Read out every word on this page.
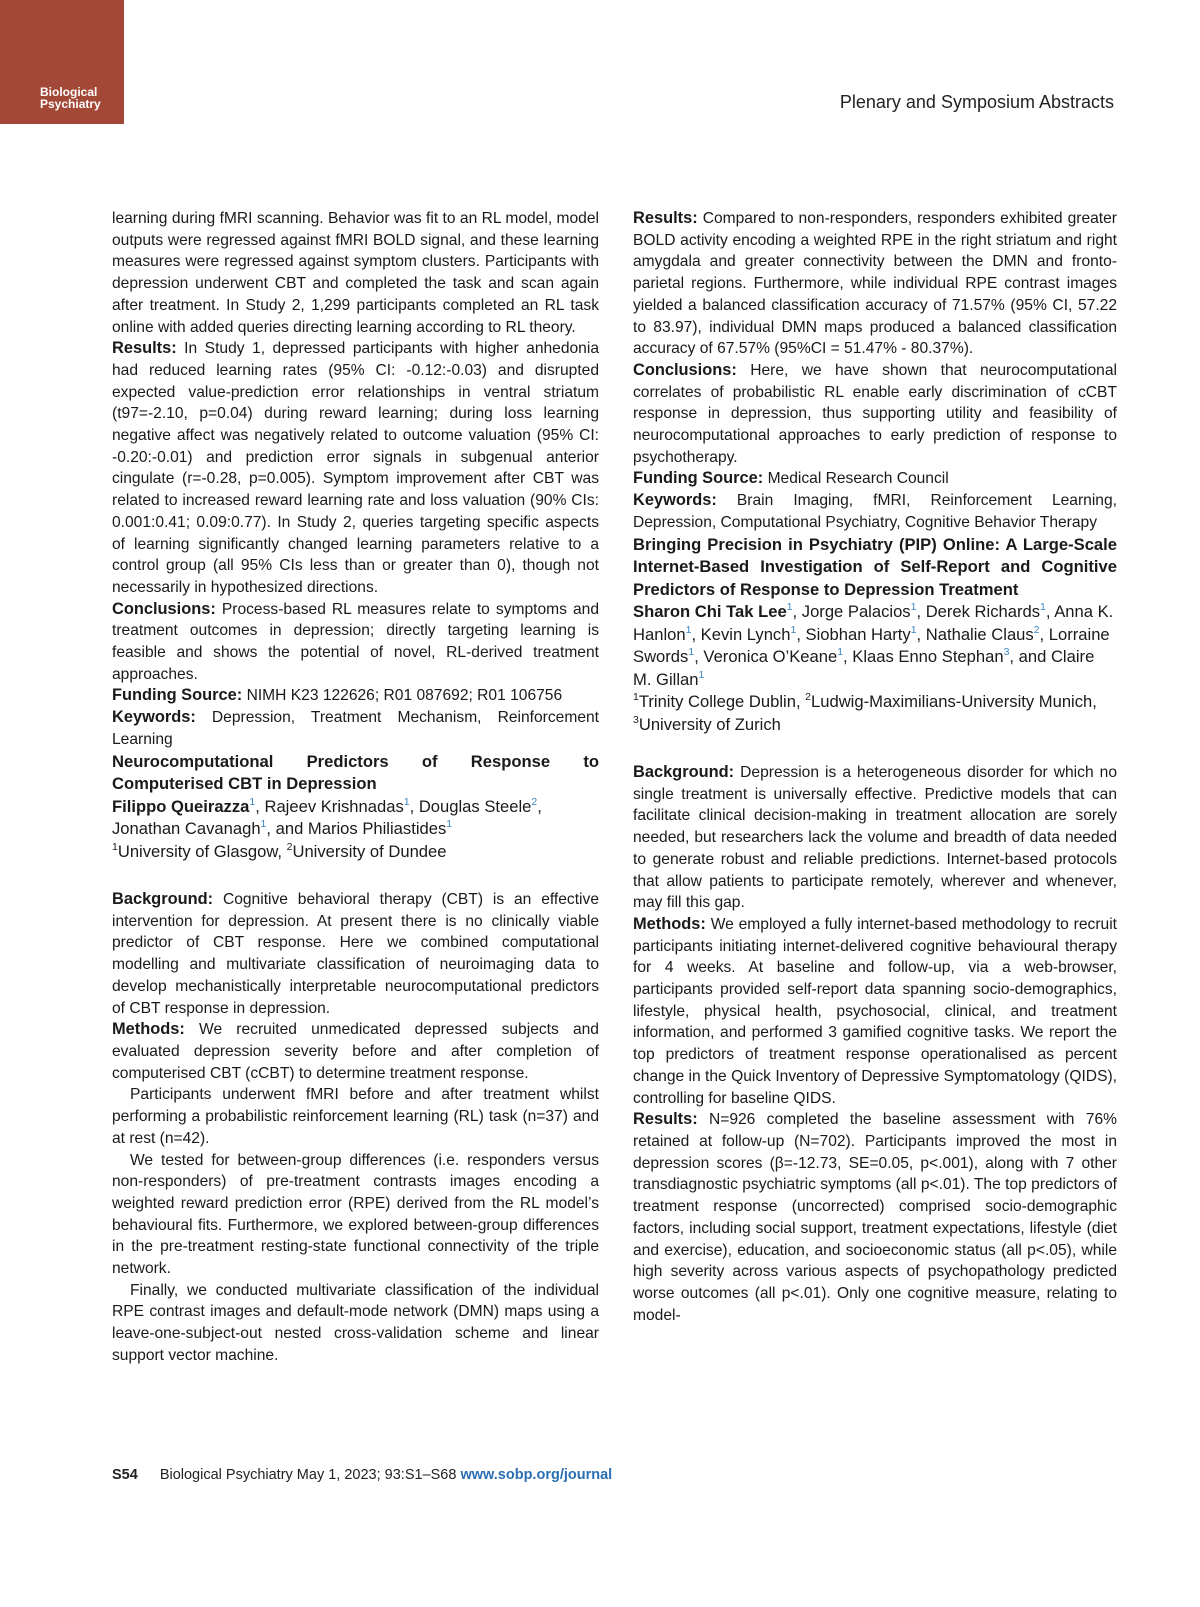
Biological Psychiatry	Plenary and Symposium Abstracts

learning during fMRI scanning. Behavior was fit to an RL model, model outputs were regressed against fMRI BOLD signal, and these learning measures were regressed against symptom clusters. Participants with depression underwent CBT and completed the task and scan again after treatment. In Study 2, 1,299 participants completed an RL task online with added queries directing learning according to RL theory.

Results: In Study 1, depressed participants with higher anhedonia had reduced learning rates (95% CI: -0.12:-0.03) and disrupted expected value-prediction error relationships in ventral striatum (t97=-2.10, p=0.04) during reward learning; during loss learning negative affect was negatively related to outcome valuation (95% CI: -0.20:-0.01) and prediction error signals in subgenual anterior cingulate (r=-0.28, p=0.005). Symptom improvement after CBT was related to increased reward learning rate and loss valuation (90% CIs: 0.001:0.41; 0.09:0.77). In Study 2, queries targeting specific aspects of learning significantly changed learning parameters relative to a control group (all 95% CIs less than or greater than 0), though not necessarily in hypothesized directions.

Conclusions: Process-based RL measures relate to symptoms and treatment outcomes in depression; directly targeting learning is feasible and shows the potential of novel, RL-derived treatment approaches.

Funding Source: NIMH K23 122626; R01 087692; R01 106756

Keywords: Depression, Treatment Mechanism, Reinforcement Learning

Neurocomputational Predictors of Response to Computerised CBT in Depression

Filippo Queirazza$^1$, Rajeev Krishnadas$^1$, Douglas Steele$^2$, Jonathan Cavanagh$^1$, and Marios Philiastides$^1$

$^1$University of Glasgow, $^2$University of Dundee

Background: Cognitive behavioral therapy (CBT) is an effective intervention for depression. At present there is no clinically viable predictor of CBT response. Here we combined computational modelling and multivariate classification of neuroimaging data to develop mechanistically interpretable neurocomputational predictors of CBT response in depression.

Methods: We recruited unmedicated depressed subjects and evaluated depression severity before and after completion of computerised CBT (cCBT) to determine treatment response.

Participants underwent fMRI before and after treatment whilst performing a probabilistic reinforcement learning (RL) task (n=37) and at rest (n=42).

We tested for between-group differences (i.e. responders versus non-responders) of pre-treatment contrasts images encoding a weighted reward prediction error (RPE) derived from the RL model’s behavioural fits. Furthermore, we explored between-group differences in the pre-treatment resting-state functional connectivity of the triple network.

Finally, we conducted multivariate classification of the individual RPE contrast images and default-mode network (DMN) maps using a leave-one-subject-out nested cross-validation scheme and linear support vector machine.

Results: Compared to non-responders, responders exhibited greater BOLD activity encoding a weighted RPE in the right striatum and right amygdala and greater connectivity between the DMN and fronto-parietal regions. Furthermore, while individual RPE contrast images yielded a balanced classification accuracy of 71.57% (95% CI, 57.22 to 83.97), individual DMN maps produced a balanced classification accuracy of 67.57% (95%CI = 51.47% - 80.37%).

Conclusions: Here, we have shown that neurocomputational correlates of probabilistic RL enable early discrimination of cCBT response in depression, thus supporting utility and feasibility of neurocomputational approaches to early prediction of response to psychotherapy.

Funding Source: Medical Research Council

Keywords: Brain Imaging, fMRI, Reinforcement Learning, Depression, Computational Psychiatry, Cognitive Behavior Therapy

Bringing Precision in Psychiatry (PIP) Online: A Large-Scale Internet-Based Investigation of Self-Report and Cognitive Predictors of Response to Depression Treatment

Sharon Chi Tak Lee$^1$, Jorge Palacios$^1$, Derek Richards$^1$, Anna K. Hanlon$^1$, Kevin Lynch$^1$, Siobhan Harty$^1$, Nathalie Claus$^2$, Lorraine Swords$^1$, Veronica O’Keane$^1$, Klaas Enno Stephan$^3$, and Claire M. Gillan$^1$

$^1$Trinity College Dublin, $^2$Ludwig-Maximilians-University Munich, $^3$University of Zurich

Background: Depression is a heterogeneous disorder for which no single treatment is universally effective. Predictive models that can facilitate clinical decision-making in treatment allocation are sorely needed, but researchers lack the volume and breadth of data needed to generate robust and reliable predictions. Internet-based protocols that allow patients to participate remotely, wherever and whenever, may fill this gap.

Methods: We employed a fully internet-based methodology to recruit participants initiating internet-delivered cognitive behavioural therapy for 4 weeks. At baseline and follow-up, via a web-browser, participants provided self-report data spanning socio-demographics, lifestyle, physical health, psychosocial, clinical, and treatment information, and performed 3 gamified cognitive tasks. We report the top predictors of treatment response operationalised as percent change in the Quick Inventory of Depressive Symptomatology (QIDS), controlling for baseline QIDS.

Results: N=926 completed the baseline assessment with 76% retained at follow-up (N=702). Participants improved the most in depression scores (β=-12.73, SE=0.05, p<.001), along with 7 other transdiagnostic psychiatric symptoms (all p<.01). The top predictors of treatment response (uncorrected) comprised socio-demographic factors, including social support, treatment expectations, lifestyle (diet and exercise), education, and socioeconomic status (all p<.05), while high severity across various aspects of psychopathology predicted worse outcomes (all p<.01). Only one cognitive measure, relating to model-

S54 Biological Psychiatry May 1, 2023; 93:S1–S68 www.sobp.org/journal
